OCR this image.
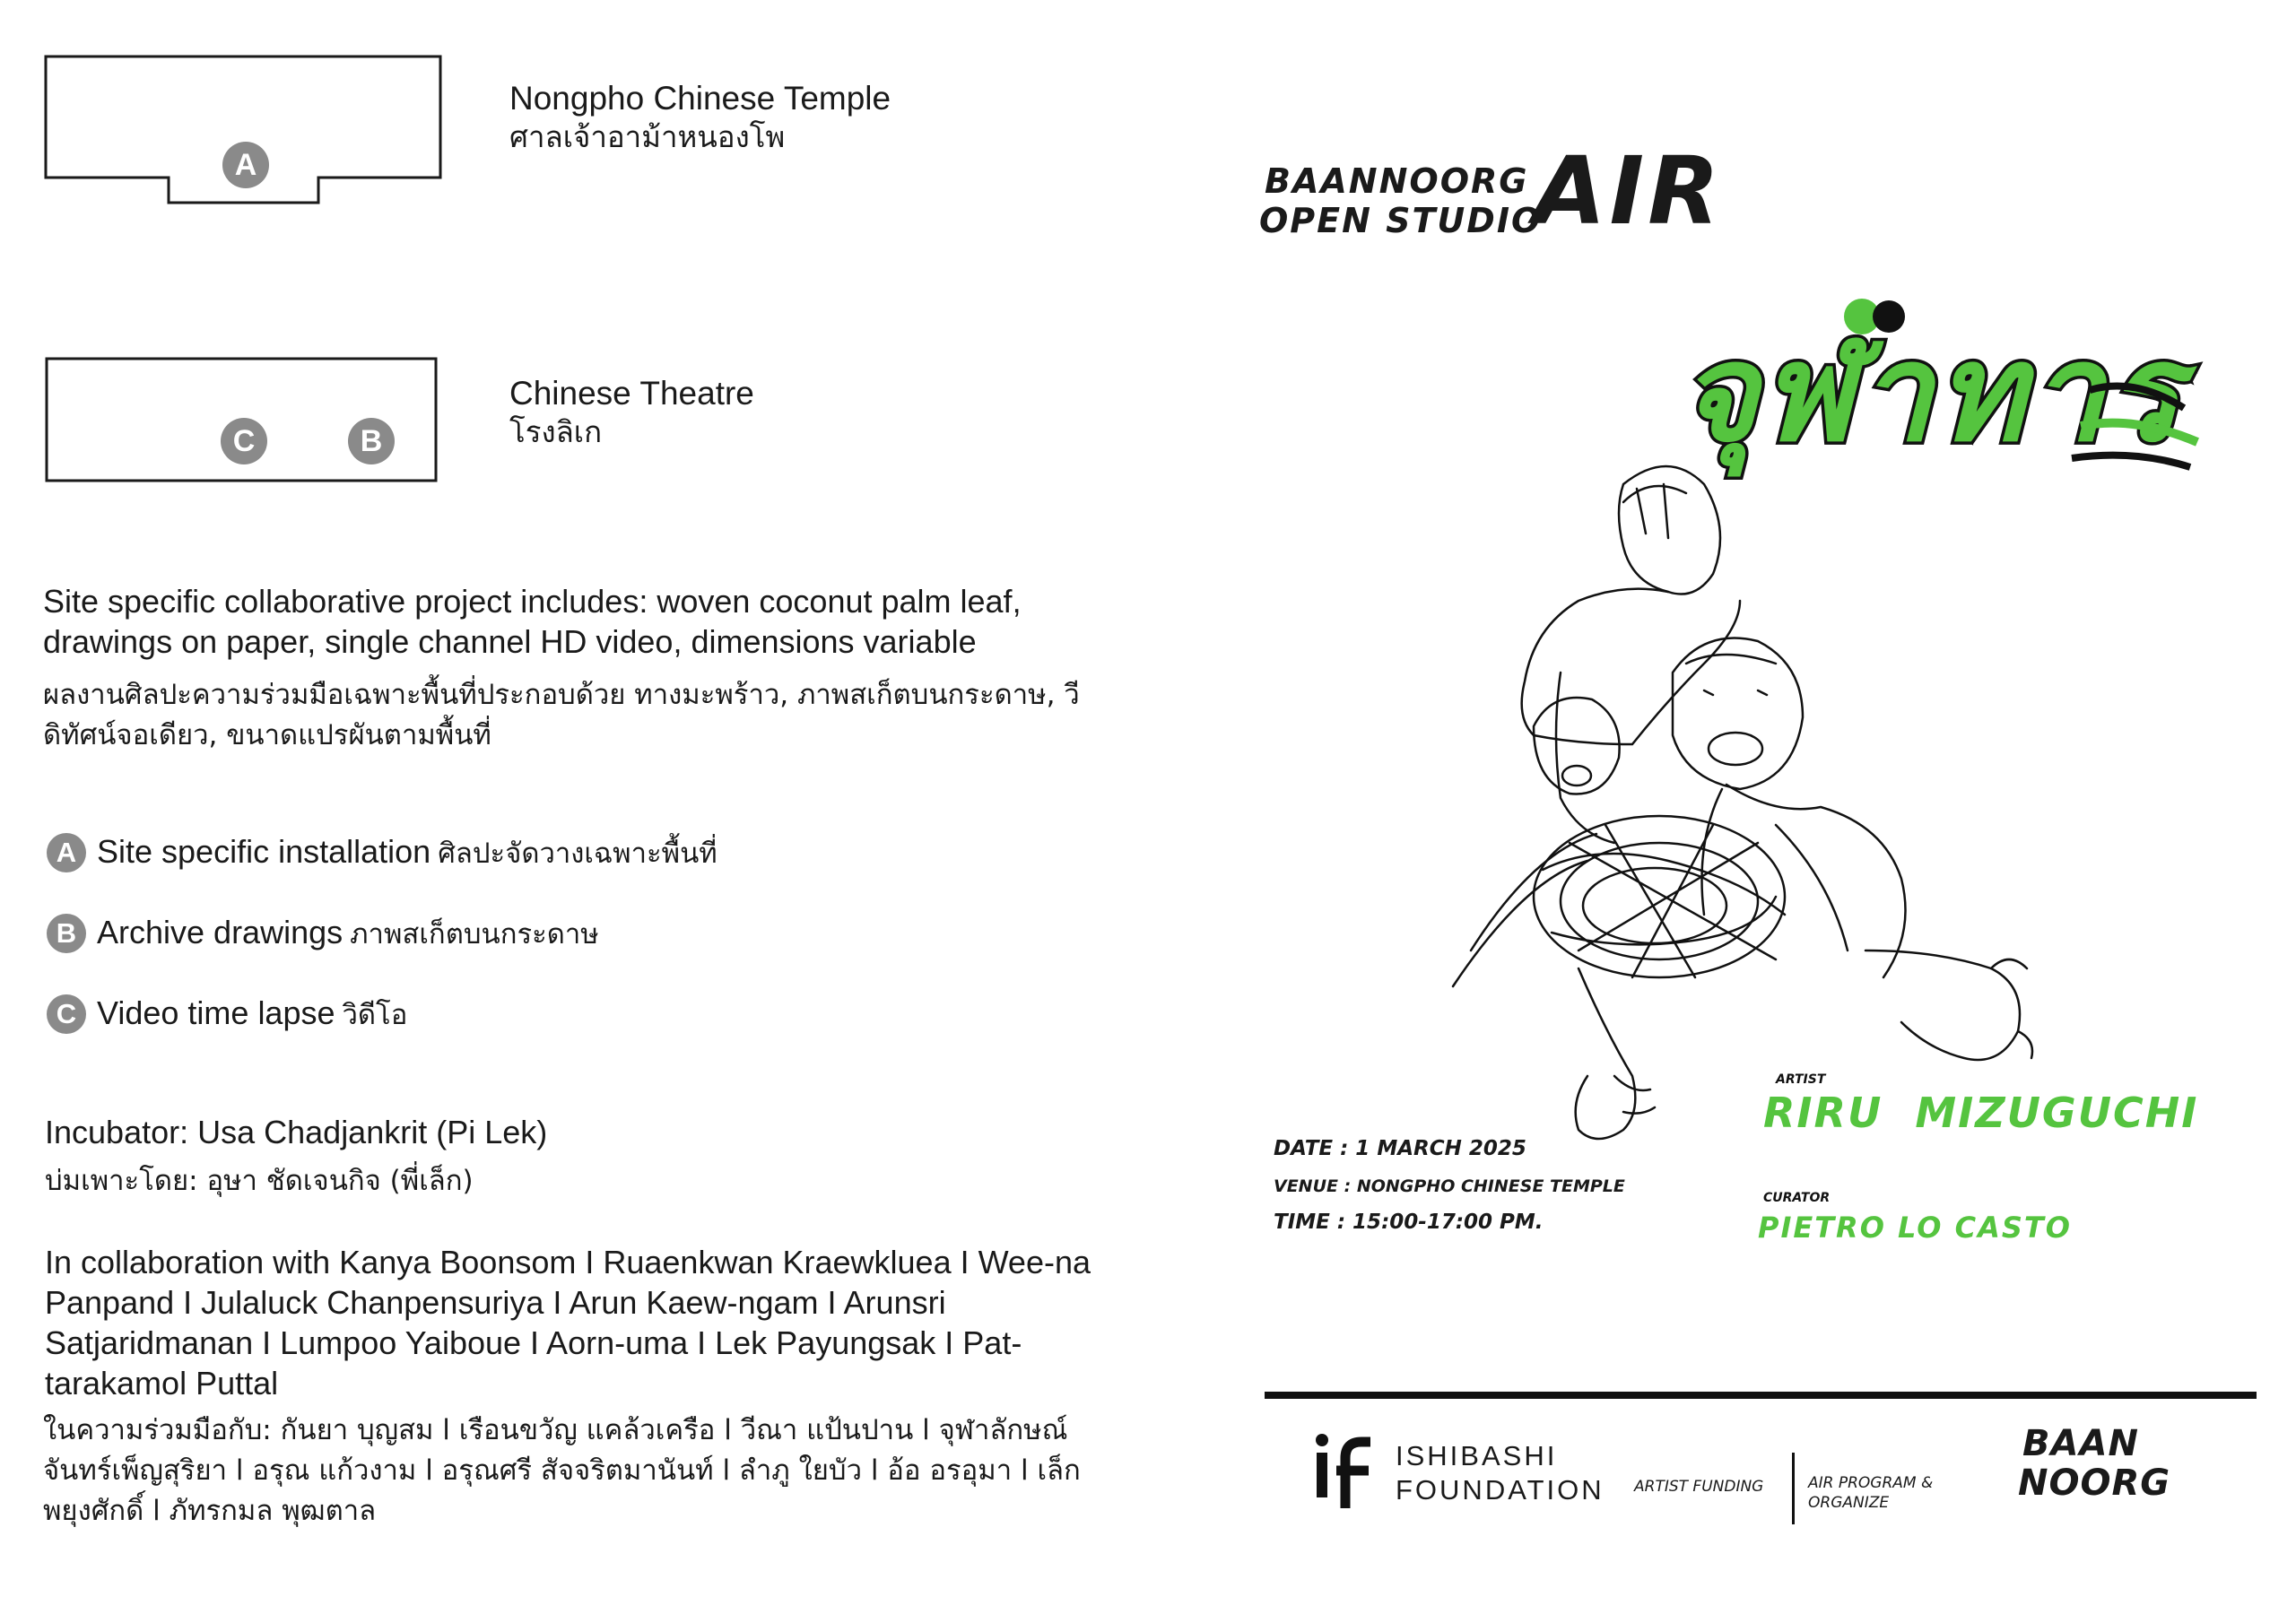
A
Nongpho Chinese Temple
ศาลเจ้าอาม้าหนองโพ
C	B
Chinese Theatre
โรงลิเก
Site specific collaborative project includes: woven coconut palm leaf, drawings on paper, single channel HD video, dimensions variable
ผลงานศิลปะความร่วมมือเฉพาะพื้นที่ประกอบด้วย ทางมะพร้าว, ภาพสเก็ตบนกระดาษ, วีดิทัศน์จอเดียว, ขนาดแปรผันตามพื้นที่
A Site specific installation ศิลปะจัดวางเฉพาะพื้นที่
B Archive drawings ภาพสเก็ตบนกระดาษ
C Video time lapse วิดีโอ
Incubator: Usa Chadjankrit (Pi Lek)
บ่มเพาะโดย: อุษา ชัดเจนกิจ (พี่เล็ก)
In collaboration with Kanya Boonsom I Ruaenkwan Kraewkluea I Wee-na Panpand I Julaluck Chanpensuriya I Arun Kaew-ngam I Arunsri Satjaridmanan I Lumpoo Yaiboue I Aorn-uma I Lek Payungsak I Pat-tarakamol Puttal
ในความร่วมมือกับ: กันยา บุญสม l เรือนขวัญ แคล้วเครือ l วีณา แป้นปาน l จุฬาลักษณ์ จันทร์เพ็ญสุริยา l อรุณ แก้วงาม l อรุณศรี สัจจริตมานันท์ l ลำภู ใยบัว l อ้อ อรอุมา l เล็ก พยุงศักดิ์ l ภัทรกมล พุฒตาล
BAANNOORG
OPEN STUDIO
AIR
จุฬาทาร
ARTIST
RIRU  MIZUGUCHI
CURATOR
PIETRO LO CASTO
DATE : 1 MARCH 2025
VENUE : NONGPHO CHINESE TEMPLE
TIME : 15:00-17:00 PM.
ISHIBASHI
FOUNDATION ARTIST FUNDING	AIR PROGRAM &
ORGANIZE
BAAN
NOORG
